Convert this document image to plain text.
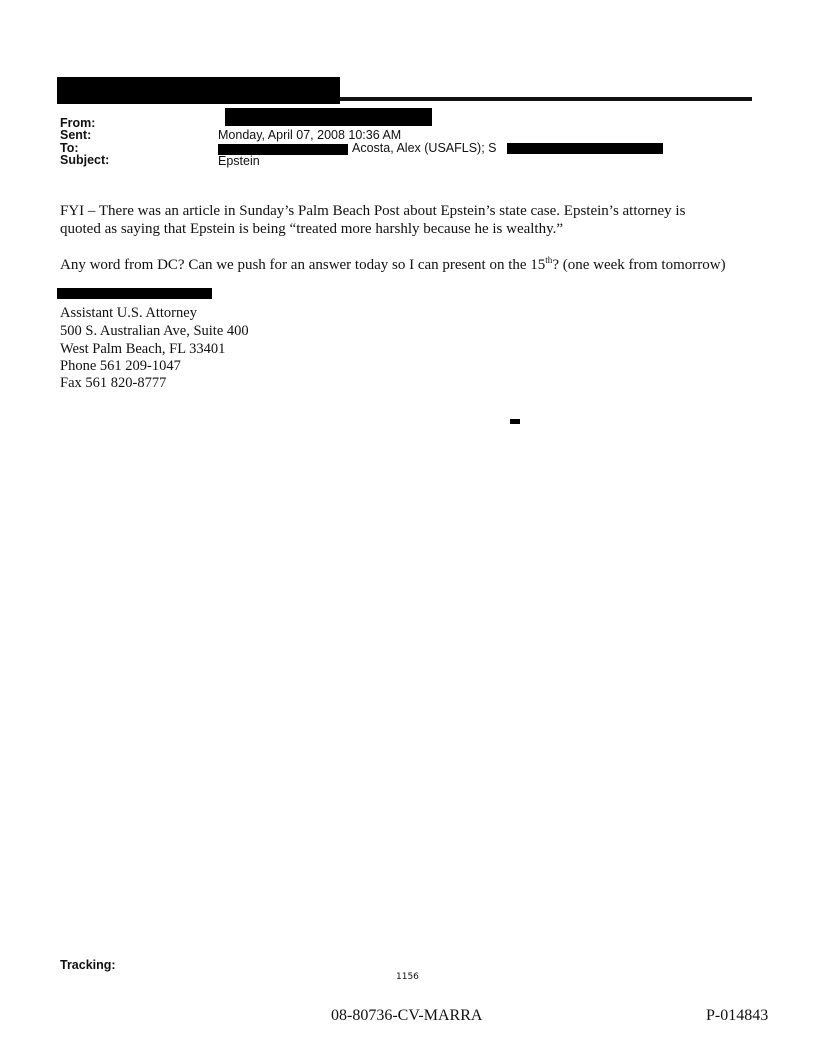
From:
Sent:	Monday, April 07, 2008 10:36 AM
To:	Acosta, Alex (USAFLS); S
Subject:	Epstein
FYI – There was an article in Sunday’s Palm Beach Post about Epstein’s state case. Epstein’s attorney is
quoted as saying that Epstein is being “treated more harshly because he is wealthy.”
Any word from DC? Can we push for an answer today so I can present on the 15th? (one week from tomorrow)
Assistant U.S. Attorney
500 S. Australian Ave, Suite 400
West Palm Beach, FL 33401
Phone 561 209-1047
Fax 561 820-8777
Tracking:
1156
08-80736-CV-MARRA	P-014843
